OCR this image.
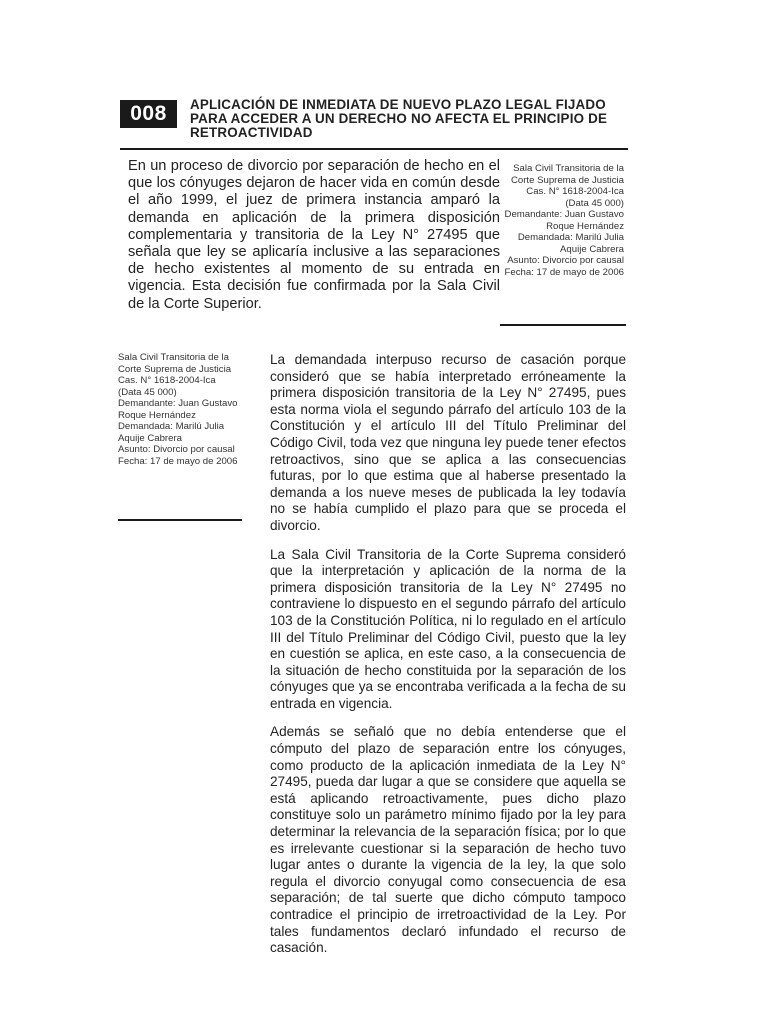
008	APLICACIÓN DE INMEDIATA DE NUEVO PLAZO LEGAL FIJADO PARA ACCEDER A UN DERECHO NO AFECTA EL PRINCIPIO DE RETROACTIVIDAD

En un proceso de divorcio por separación de hecho en el que los cónyuges dejaron de hacer vida en común desde el año 1999, el juez de primera instancia amparó la demanda en aplicación de la primera disposición complementaria y transitoria de la Ley N° 27495 que señala que ley se aplicaría inclusive a las separaciones de hecho existentes al momento de su entrada en vigencia. Esta decisión fue confirmada por la Sala Civil de la Corte Superior.

Sala Civil Transitoria de la Corte Suprema de Justicia

Cas. N° 1618-2004-Ica

(Data 45 000)

Demandante: Juan Gustavo Roque Hernández

Demandada: Marilú Julia Aquije Cabrera

Asunto: Divorcio por causal

Fecha: 17 de mayo de 2006

Sala Civil Transitoria de la Corte Suprema de Justicia

Cas. N° 1618-2004-Ica

(Data 45 000)

Demandante: Juan Gustavo Roque Hernández

Demandada: Marilú Julia Aquije Cabrera

Asunto: Divorcio por causal

Fecha: 17 de mayo de 2006

La demandada interpuso recurso de casación porque consideró que se había interpretado erróneamente la primera disposición transitoria de la Ley N° 27495, pues esta norma viola el segundo párrafo del artículo 103 de la Constitución y el artículo III del Título Preliminar del Código Civil, toda vez que ninguna ley puede tener efectos retroactivos, sino que se aplica a las consecuencias futuras, por lo que estima que al haberse presentado la demanda a los nueve meses de publicada la ley todavía no se había cumplido el plazo para que se proceda el divorcio.

La Sala Civil Transitoria de la Corte Suprema consideró que la interpretación y aplicación de la norma de la primera disposición transitoria de la Ley N° 27495 no contraviene lo dispuesto en el segundo párrafo del artículo 103 de la Constitución Política, ni lo regulado en el artículo III del Título Preliminar del Código Civil, puesto que la ley en cuestión se aplica, en este caso, a la consecuencia de la situación de hecho constituida por la separación de los cónyuges que ya se encontraba verificada a la fecha de su entrada en vigencia.

Además se señaló que no debía entenderse que el cómputo del plazo de separación entre los cónyuges, como producto de la aplicación inmediata de la Ley N° 27495, pueda dar lugar a que se considere que aquella se está aplicando retroactivamente, pues dicho plazo constituye solo un parámetro mínimo fijado por la ley para determinar la relevancia de la separación física; por lo que es irrelevante cuestionar si la separación de hecho tuvo lugar antes o durante la vigencia de la ley, la que solo regula el divorcio conyugal como consecuencia de esa separación; de tal suerte que dicho cómputo tampoco contradice el principio de irretroactividad de la Ley. Por tales fundamentos declaró infundado el recurso de casación.
